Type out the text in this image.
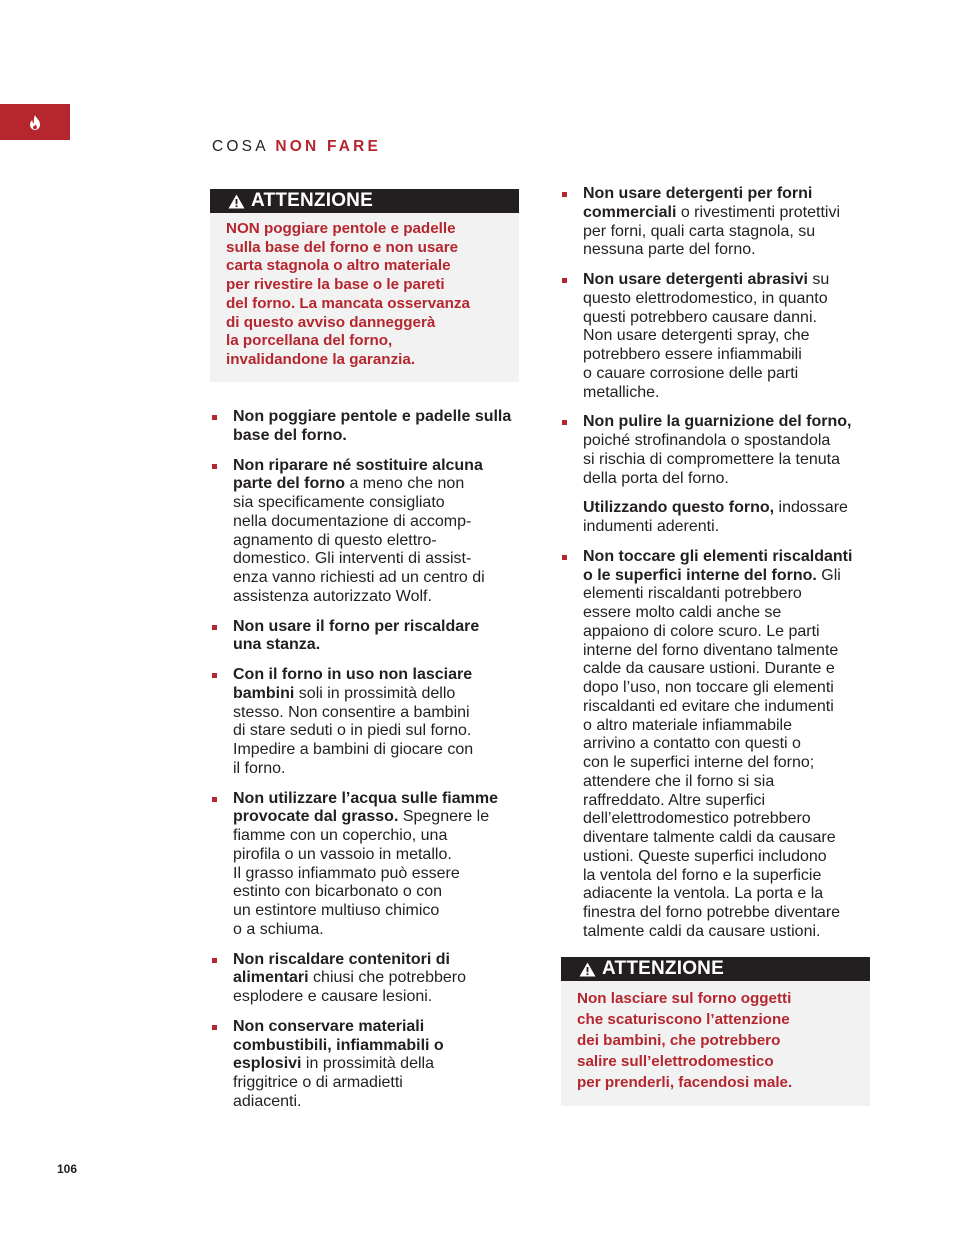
COSA NON FARE
ATTENZIONE
NON poggiare pentole e padelle
sulla base del forno e non usare
carta stagnola o altro materiale
per rivestire la base o le pareti
del forno. La mancata osservanza
di questo avviso danneggerà
la porcellana del forno,
invalidandone la garanzia.
Non poggiare pentole e padelle sulla
base del forno.
Non riparare né sostituire alcuna
parte del forno a meno che non
sia specificamente consigliato
nella documentazione di accomp-
agnamento di questo elettro-
domestico. Gli interventi di assist-
enza vanno richiesti ad un centro di
assistenza autorizzato Wolf.
Non usare il forno per riscaldare
una stanza.
Con il forno in uso non lasciare
bambini soli in prossimità dello
stesso. Non consentire a bambini
di stare seduti o in piedi sul forno.
Impedire a bambini di giocare con
il forno.
Non utilizzare l’acqua sulle fiamme
provocate dal grasso. Spegnere le
fiamme con un coperchio, una
pirofila o un vassoio in metallo.
Il grasso infiammato può essere
estinto con bicarbonato o con
un estintore multiuso chimico
o a schiuma.
Non riscaldare contenitori di
alimentari chiusi che potrebbero
esplodere e causare lesioni.
Non conservare materiali
combustibili, infiammabili o
esplosivi in prossimità della
friggitrice o di armadietti
adiacenti.
Non usare detergenti per forni
commerciali o rivestimenti protettivi
per forni, quali carta stagnola, su
nessuna parte del forno.
Non usare detergenti abrasivi su
questo elettrodomestico, in quanto
questi potrebbero causare danni.
Non usare detergenti spray, che
potrebbero essere infiammabili
o cauare corrosione delle parti
metalliche.
Non pulire la guarnizione del forno,
poiché strofinandola o spostandola
si rischia di compromettere la tenuta
della porta del forno.
Utilizzando questo forno, indossare
indumenti aderenti.
Non toccare gli elementi riscaldanti
o le superfici interne del forno. Gli
elementi riscaldanti potrebbero
essere molto caldi anche se
appaiono di colore scuro. Le parti
interne del forno diventano talmente
calde da causare ustioni. Durante e
dopo l’uso, non toccare gli elementi
riscaldanti ed evitare che indumenti
o altro materiale infiammabile
arrivino a contatto con questi o
con le superfici interne del forno;
attendere che il forno si sia
raffreddato. Altre superfici
dell’elettrodomestico potrebbero
diventare talmente caldi da causare
ustioni. Queste superfici includono
la ventola del forno e la superficie
adiacente la ventola. La porta e la
finestra del forno potrebbe diventare
talmente caldi da causare ustioni.
ATTENZIONE
Non lasciare sul forno oggetti
che scaturiscono l’attenzione
dei bambini, che potrebbero
salire sull’elettrodomestico
per prenderli, facendosi male.
106
